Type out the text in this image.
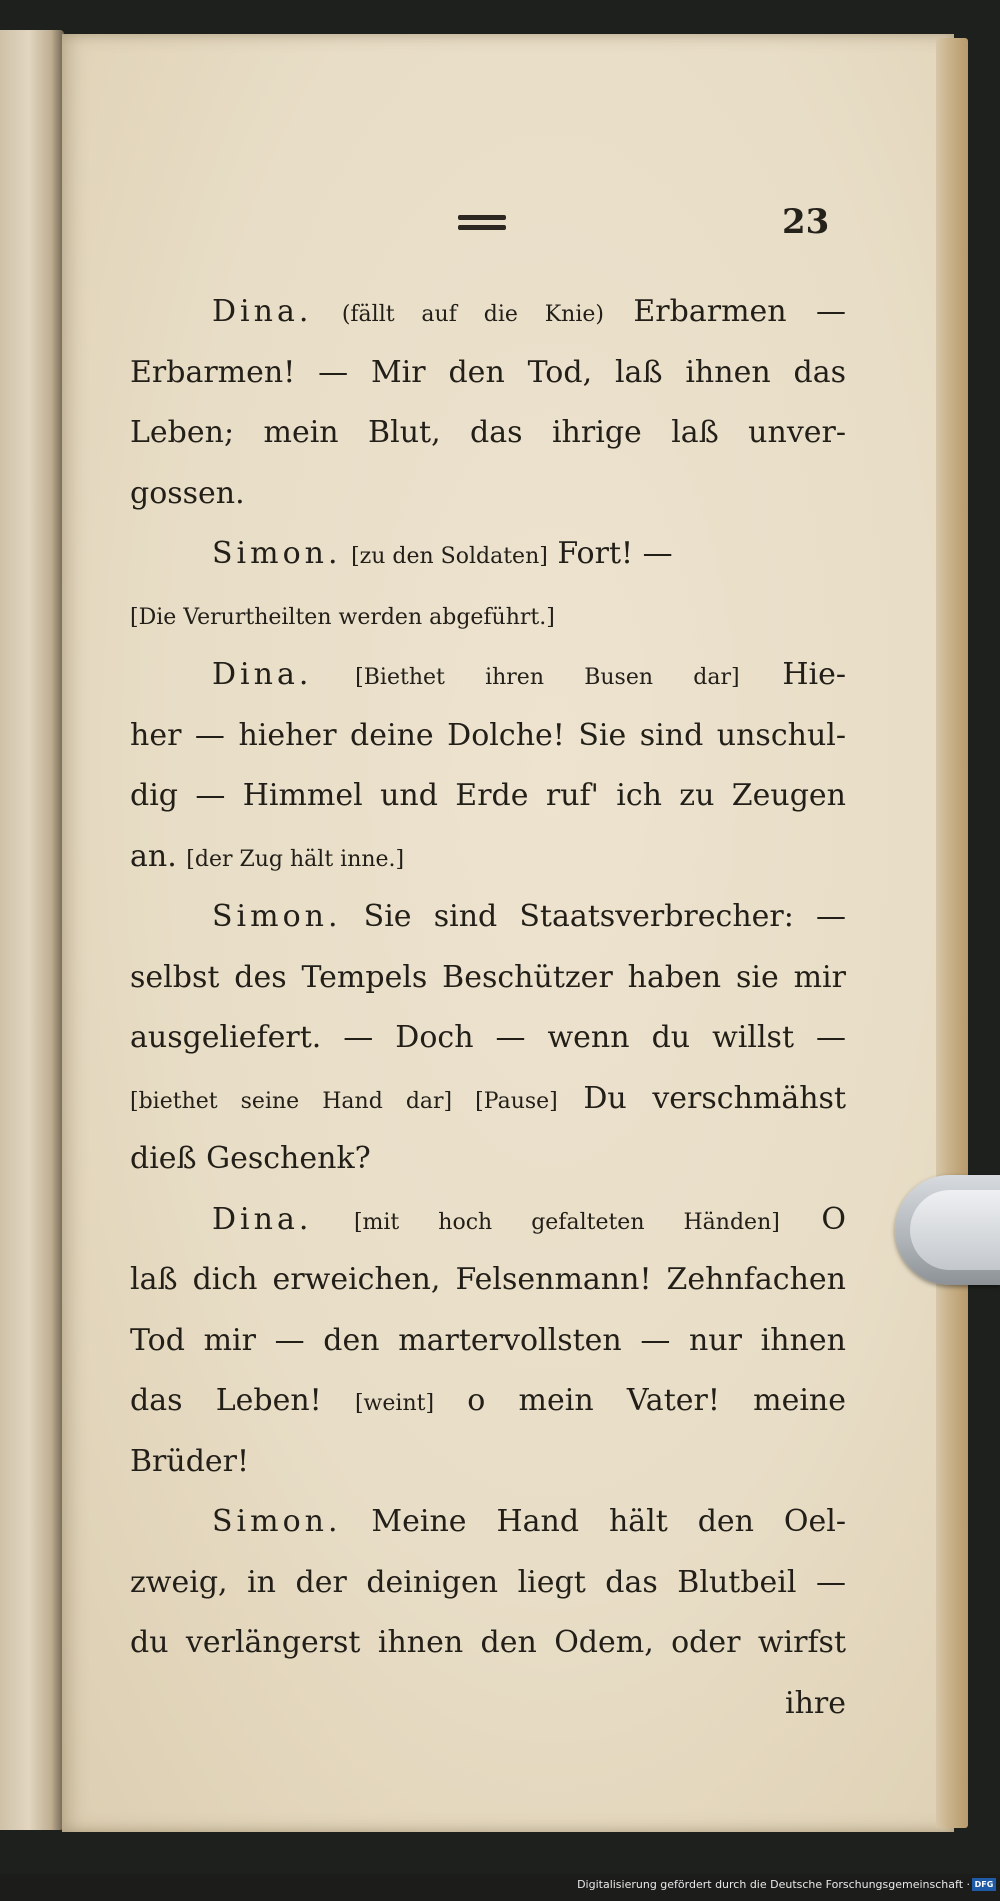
23
Dina. (fällt auf die Knie) Erbarmen —
Erbarmen! — Mir den Tod, laß ihnen das
Leben; mein Blut, das ihrige laß unver-
gossen.
Simon. [zu den Soldaten] Fort! —
[Die Verurtheilten werden abgeführt.]
Dina. [Biethet ihren Busen dar] Hie-
her — hieher deine Dolche! Sie sind unschul-
dig — Himmel und Erde ruf' ich zu Zeugen
an. [der Zug hält inne.]
Simon. Sie sind Staatsverbrecher: —
selbst des Tempels Beschützer haben sie mir
ausgeliefert. — Doch — wenn du willst —
[biethet seine Hand dar] [Pause] Du verschmähst
dieß Geschenk?
Dina. [mit hoch gefalteten Händen] O
laß dich erweichen, Felsenmann! Zehnfachen
Tod mir — den martervollsten — nur ihnen
das Leben! [weint] o mein Vater! meine
Brüder!
Simon. Meine Hand hält den Oel-
zweig, in der deinigen liegt das Blutbeil —
du verlängerst ihnen den Odem, oder wirfst
ihre
Digitalisierung gefördert durch die Deutsche Forschungsgemeinschaft · DFG
